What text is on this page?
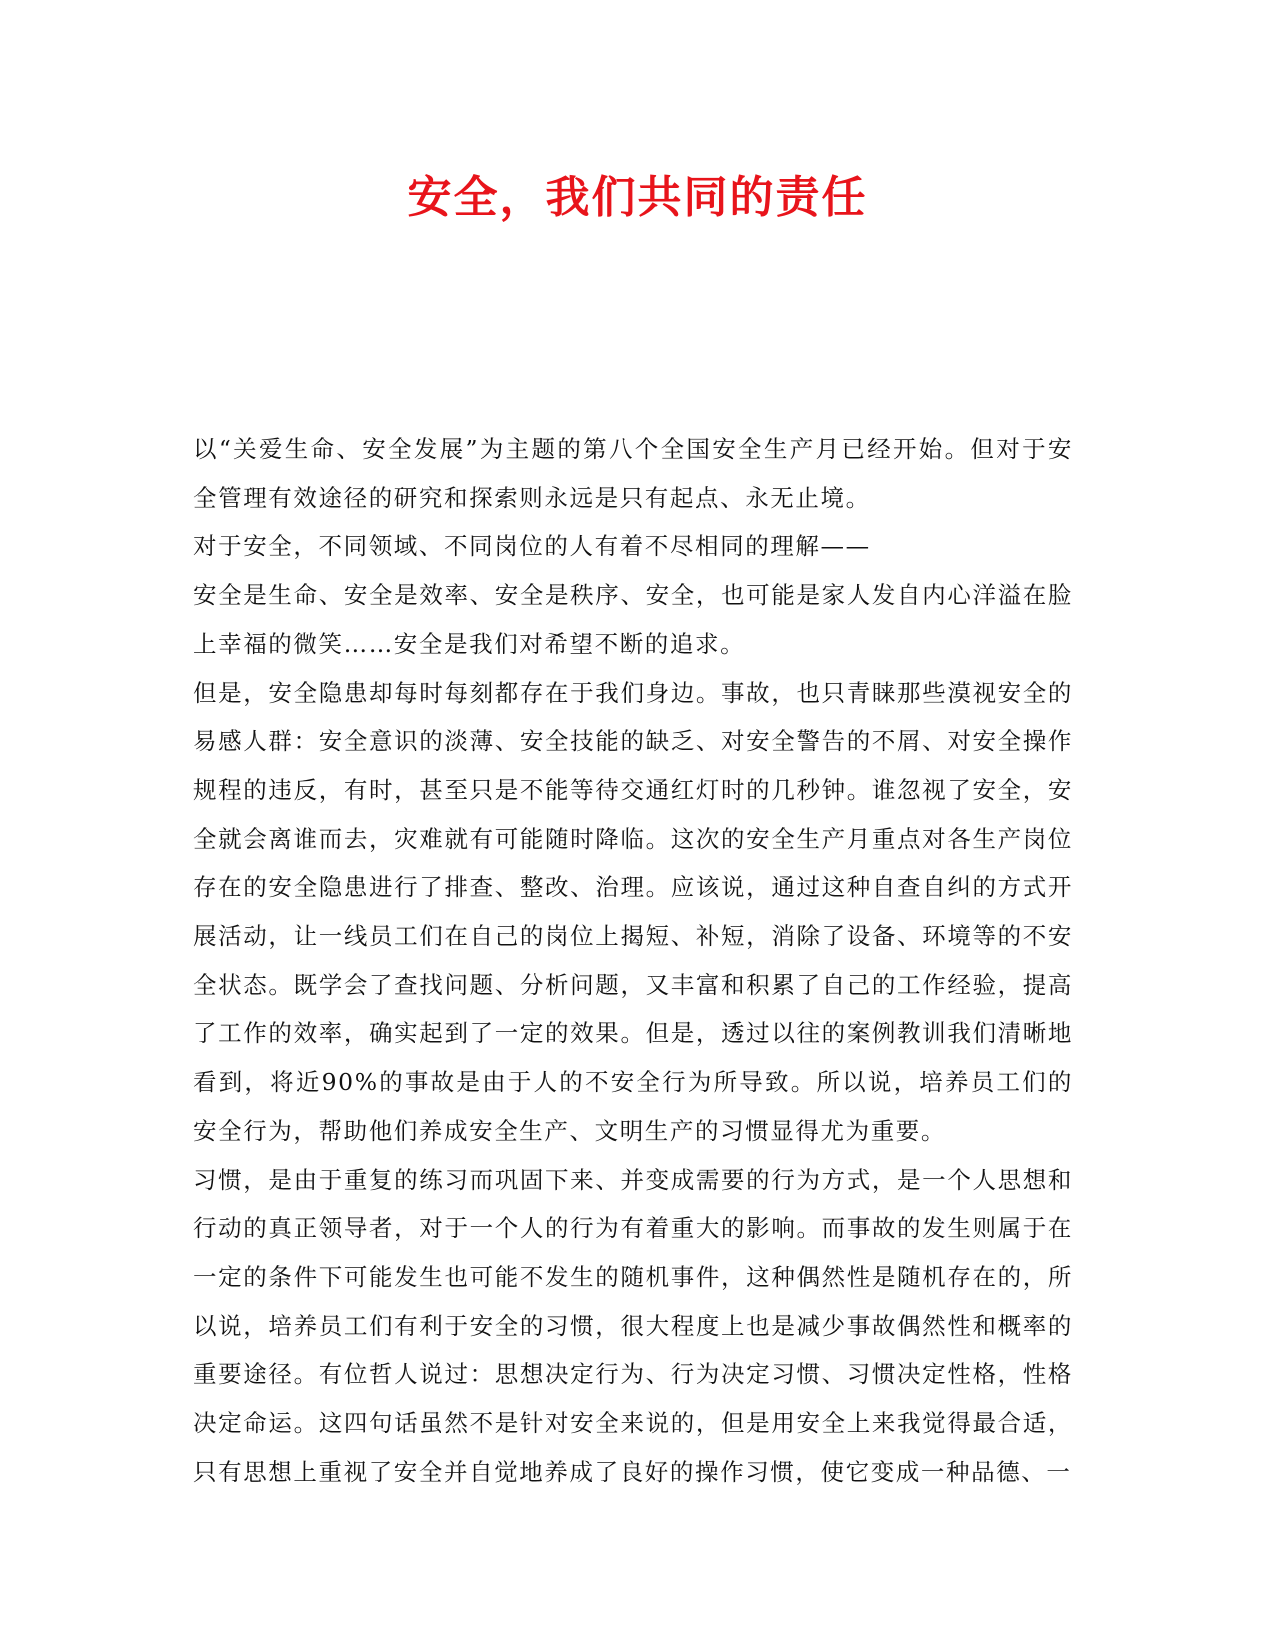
安全，我们共同的责任

以“关爱生命、安全发展”为主题的第八个全国安全生产月已经开始。但对于安全管理有效途径的研究和探索则永远是只有起点、永无止境。

对于安全，不同领域、不同岗位的人有着不尽相同的理解——

安全是生命、安全是效率、安全是秩序、安全，也可能是家人发自内心洋溢在脸上幸福的微笑……安全是我们对希望不断的追求。

但是，安全隐患却每时每刻都存在于我们身边。事故，也只青睐那些漠视安全的易感人群：安全意识的淡薄、安全技能的缺乏、对安全警告的不屑、对安全操作规程的违反，有时，甚至只是不能等待交通红灯时的几秒钟。谁忽视了安全，安全就会离谁而去，灾难就有可能随时降临。这次的安全生产月重点对各生产岗位存在的安全隐患进行了排查、整改、治理。应该说，通过这种自查自纠的方式开展活动，让一线员工们在自己的岗位上揭短、补短，消除了设备、环境等的不安全状态。既学会了查找问题、分析问题，又丰富和积累了自己的工作经验，提高了工作的效率，确实起到了一定的效果。但是，透过以往的案例教训我们清晰地看到，将近90%的事故是由于人的不安全行为所导致。所以说，培养员工们的安全行为，帮助他们养成安全生产、文明生产的习惯显得尤为重要。

习惯，是由于重复的练习而巩固下来、并变成需要的行为方式，是一个人思想和行动的真正领导者，对于一个人的行为有着重大的影响。而事故的发生则属于在一定的条件下可能发生也可能不发生的随机事件，这种偶然性是随机存在的，所以说，培养员工们有利于安全的习惯，很大程度上也是减少事故偶然性和概率的重要途径。有位哲人说过：思想决定行为、行为决定习惯、习惯决定性格，性格决定命运。这四句话虽然不是针对安全来说的，但是用安全上来我觉得最合适，只有思想上重视了安全并自觉地养成了良好的操作习惯，使它变成一种品德、一
